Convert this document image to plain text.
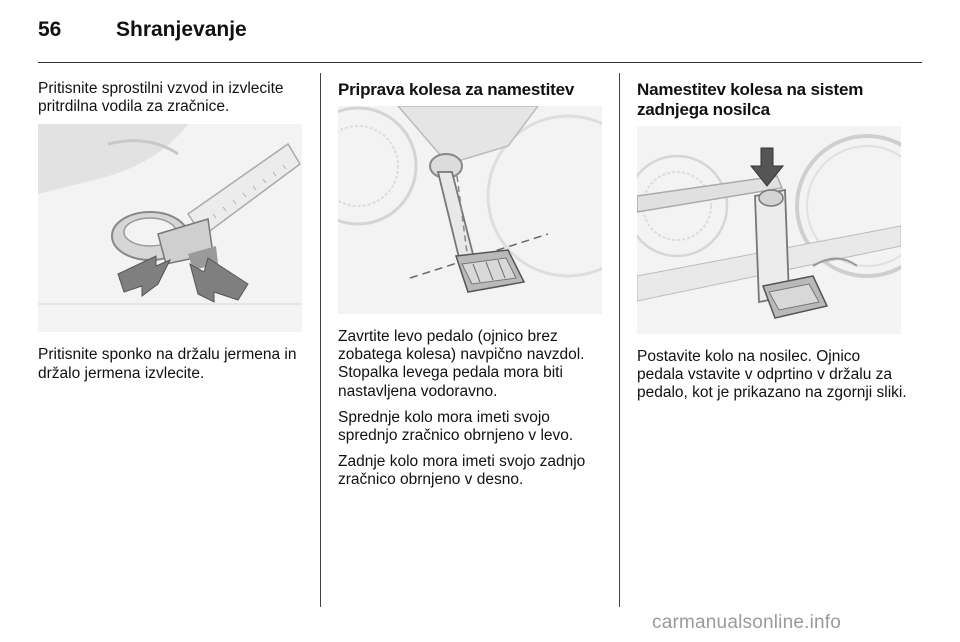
56	Shranjevanje

Pritisnite sprostilni vzvod in izvlecite pritrdilna vodila za zračnice.

Pritisnite sponko na držalu jermena in držalo jermena izvlecite.

Priprava kolesa za namestitev

Zavrtite levo pedalo (ojnico brez zobatega kolesa) navpično navzdol. Stopalka levega pedala mora biti nastavljena vodoravno.

Sprednje kolo mora imeti svojo sprednjo zračnico obrnjeno v levo.

Zadnje kolo mora imeti svojo zadnjo zračnico obrnjeno v desno.

Namestitev kolesa na sistem zadnjega nosilca

Postavite kolo na nosilec. Ojnico pedala vstavite v odprtino v držalu za pedalo, kot je prikazano na zgornji sliki.

carmanualsonline.info
